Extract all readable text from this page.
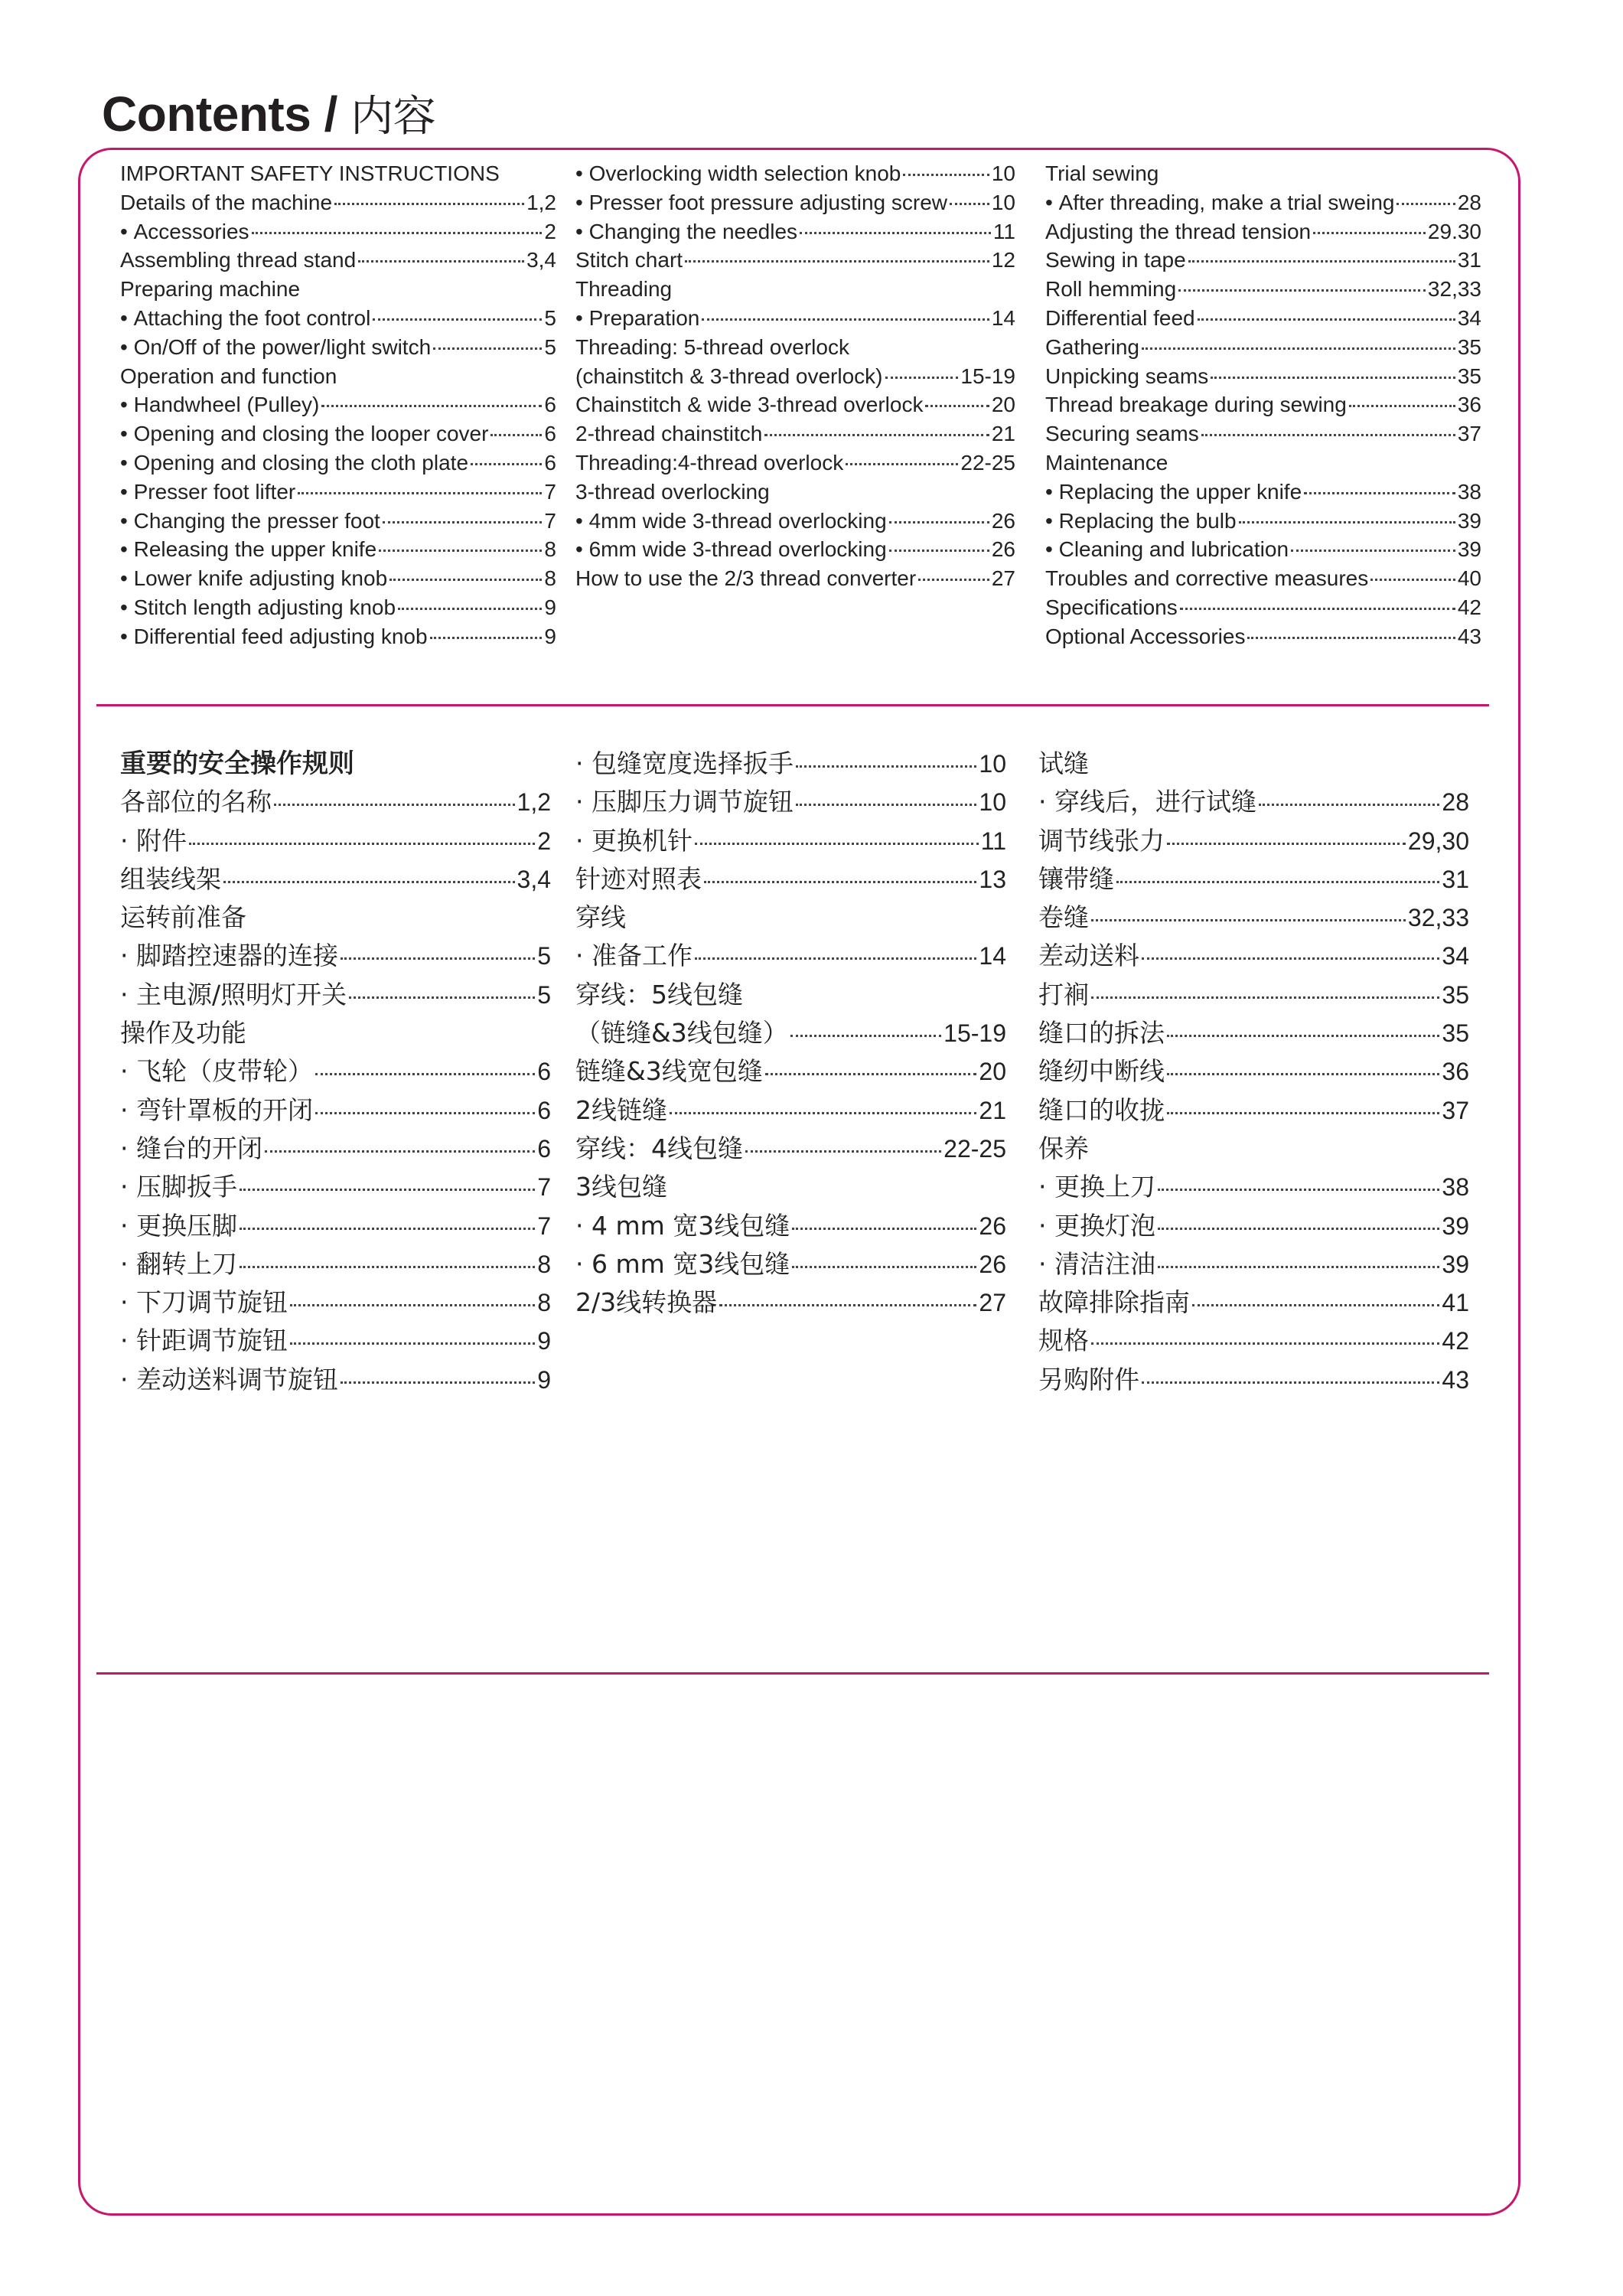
Contents / 内容
IMPORTANT SAFETY INSTRUCTIONS
Details of the machine	1,2
• Accessories	2
Assembling thread stand	3,4
Preparing machine
• Attaching the foot control	5
• On/Off of the power/light switch	5
Operation and function
• Handwheel (Pulley)	6
• Opening and closing the looper cover	6
• Opening and closing the cloth plate	6
• Presser foot lifter	7
• Changing the presser foot	7
• Releasing the upper knife	8
• Lower knife adjusting knob	8
• Stitch length adjusting knob	9
• Differential feed adjusting knob	9
• Overlocking width selection knob	10
• Presser foot pressure adjusting screw 10
• Changing the needles	11
Stitch chart	12
Threading
• Preparation	14
Threading: 5-thread overlock
(chainstitch & 3-thread overlock)	15-19
Chainstitch & wide 3-thread overlock	20
2-thread chainstitch	21
Threading:4-thread overlock	22-25
3-thread overlocking
• 4mm wide 3-thread overlocking	26
• 6mm wide 3-thread overlocking	26
How to use the 2/3 thread converter	27
Trial sewing
• After threading, make a trial sweing	28
Adjusting the thread tension	29.30
Sewing in tape	31
Roll hemming	32,33
Differential feed	34
Gathering	35
Unpicking seams	35
Thread breakage during sewing	36
Securing seams	37
Maintenance
• Replacing the upper knife	38
• Replacing the bulb	39
• Cleaning and lubrication	39
Troubles and corrective measures	40
Specifications	42
Optional Accessories	43
重要的安全操作规则
各部位的名称	1,2
· 附件	2
组装线架	3,4
运转前准备
· 脚踏控速器的连接	5
· 主电源/照明灯开关	5
操作及功能
· 飞轮（皮带轮）	6
· 弯针罩板的开闭	6
· 缝台的开闭	6
· 压脚扳手	7
· 更换压脚	7
· 翻转上刀	8
· 下刀调节旋钮	8
· 针距调节旋钮	9
· 差动送料调节旋钮	9
· 包缝宽度选择扳手	10
· 压脚压力调节旋钮	10
· 更换机针	11
针迹对照表	13
穿线
· 准备工作	14
穿线：5线包缝
（链缝&3线包缝）	15-19
链缝&3线宽包缝	20
2线链缝	21
穿线：4线包缝	22-25
3线包缝
· 4 mm 宽3线包缝	26
· 6 mm 宽3线包缝	26
2/3线转换器	27
试缝
· 穿线后，进行试缝	28
调节线张力	29,30
镶带缝	31
卷缝	32,33
差动送料	34
打裥	35
缝口的拆法	35
缝纫中断线	36
缝口的收拢	37
保养
· 更换上刀	38
· 更换灯泡	39
· 清洁注油	39
故障排除指南	41
规格	42
另购附件	43
